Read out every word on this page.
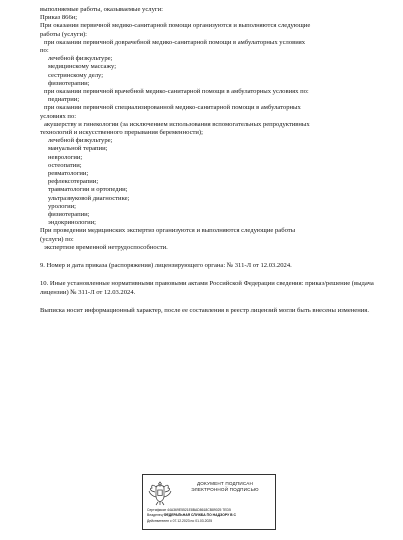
выполняемые работы, оказываемые услуги:
Приказ 866н;
При оказании первичной медико-санитарной помощи организуются и выполняются следующие
работы (услуги):
при оказании первичной доврачебной медико-санитарной помощи в амбулаторных условиях
по:
лечебной физкультуре;
медицинскому массажу;
сестринскому делу;
физиотерапии;
при оказании первичной врачебной медико-санитарной помощи в амбулаторных условиях по:
педиатрии;
при оказании первичной специализированной медико-санитарной помощи в амбулаторных
условиях по:
акушерству и гинекологии (за исключением использования вспомогательных репродуктивных
технологий и искусственного прерывания беременности);
лечебной физкультуре;
мануальной терапии;
неврологии;
остеопатии;
ревматологии;
рефлексотерапии;
травматологии и ортопедии;
ультразвуковой диагностике;
урологии;
физиотерапии;
эндокринологии;
При проведении медицинских экспертиз организуются и выполняются следующие работы
(услуги) по:
экспертизе временной нетрудоспособности.
9. Номер и дата приказа (распоряжения) лицензирующего органа: № 311-Л от 12.03.2024.
10. Иные установленные нормативными правовыми актами Российской Федерации сведения: приказ/решение (выдача лицензии) № 311-Л от 12.03.2024.
Выписка носит информационный характер, после ее составления в реестр лицензий могли быть внесены изменения.
ДОКУМЕНТ ПОДПИСАН
ЭЛЕКТРОННОЙ ПОДПИСЬЮ
Сертификат 44A369E5521E8BAD8618CB89025 7ED5
Владелец ФЕДЕРАЛЬНАЯ СЛУЖБА ПО НАДЗОРУ В С
Действителен с 07.12.2023 по 01.03.2025
